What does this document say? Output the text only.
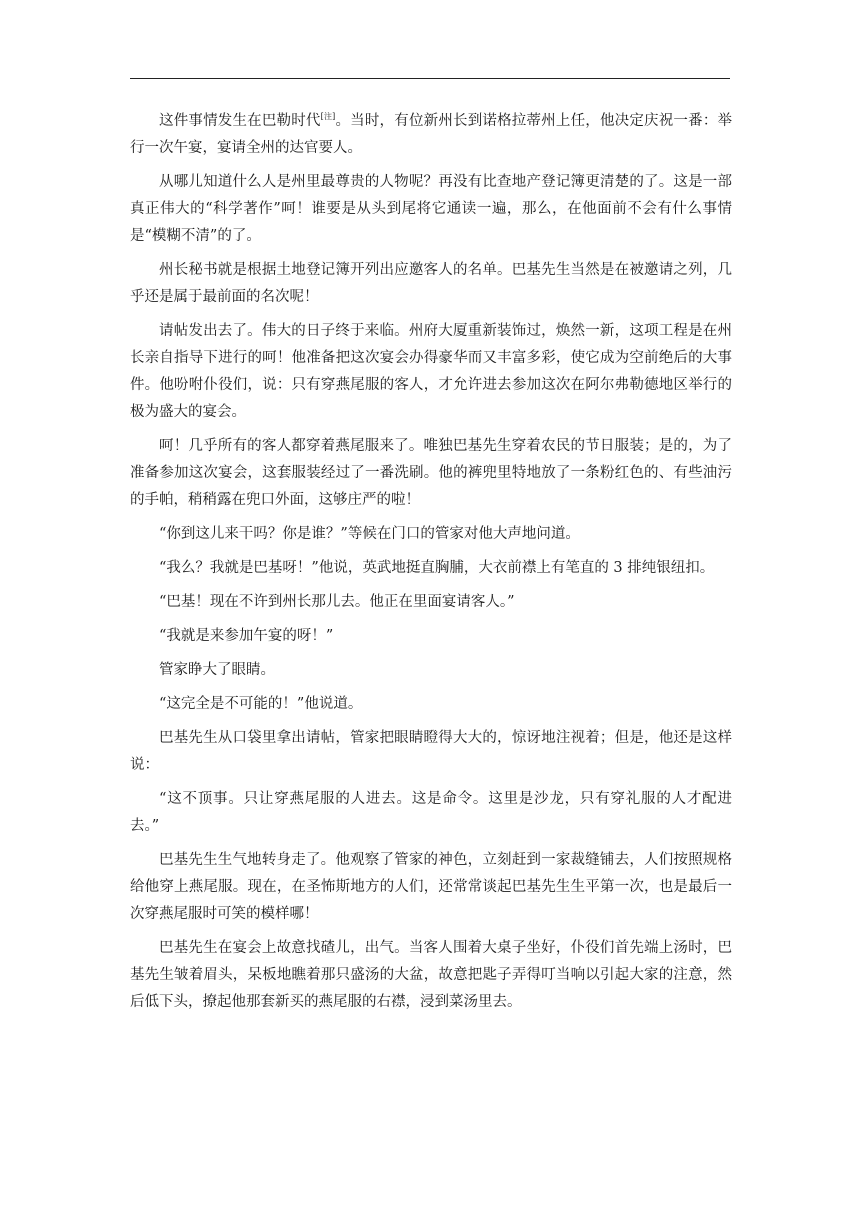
这件事情发生在巴勒时代[注]。当时，有位新州长到诺格拉蒂州上任，他决定庆祝一番：举行一次午宴，宴请全州的达官要人。

从哪儿知道什么人是州里最尊贵的人物呢？再没有比查地产登记簿更清楚的了。这是一部真正伟大的“科学著作”呵！谁要是从头到尾将它通读一遍，那么，在他面前不会有什么事情是“模糊不清”的了。

州长秘书就是根据土地登记簿开列出应邀客人的名单。巴基先生当然是在被邀请之列，几乎还是属于最前面的名次呢！

请帖发出去了。伟大的日子终于来临。州府大厦重新装饰过，焕然一新，这项工程是在州长亲自指导下进行的呵！他准备把这次宴会办得豪华而又丰富多彩，使它成为空前绝后的大事件。他吩咐仆役们，说：只有穿燕尾服的客人，才允许进去参加这次在阿尔弗勒德地区举行的极为盛大的宴会。

呵！几乎所有的客人都穿着燕尾服来了。唯独巴基先生穿着农民的节日服装；是的，为了准备参加这次宴会，这套服装经过了一番洗刷。他的裤兜里特地放了一条粉红色的、有些油污的手帕，稍稍露在兜口外面，这够庄严的啦！

“你到这儿来干吗？你是谁？”等候在门口的管家对他大声地问道。

“我么？我就是巴基呀！”他说，英武地挺直胸脯，大衣前襟上有笔直的 3 排纯银纽扣。

“巴基！现在不许到州长那儿去。他正在里面宴请客人。”

“我就是来参加午宴的呀！”

管家睁大了眼睛。

“这完全是不可能的！”他说道。

巴基先生从口袋里拿出请帖，管家把眼睛瞪得大大的，惊讶地注视着；但是，他还是这样说：

“这不顶事。只让穿燕尾服的人进去。这是命令。这里是沙龙，只有穿礼服的人才配进去。”

巴基先生生气地转身走了。他观察了管家的神色，立刻赶到一家裁缝铺去，人们按照规格给他穿上燕尾服。现在，在圣怖斯地方的人们，还常常谈起巴基先生生平第一次，也是最后一次穿燕尾服时可笑的模样哪！

巴基先生在宴会上故意找碴儿，出气。当客人围着大桌子坐好，仆役们首先端上汤时，巴基先生皱着眉头，呆板地瞧着那只盛汤的大盆，故意把匙子弄得叮当响以引起大家的注意，然后低下头，撩起他那套新买的燕尾服的右襟，浸到菜汤里去。
